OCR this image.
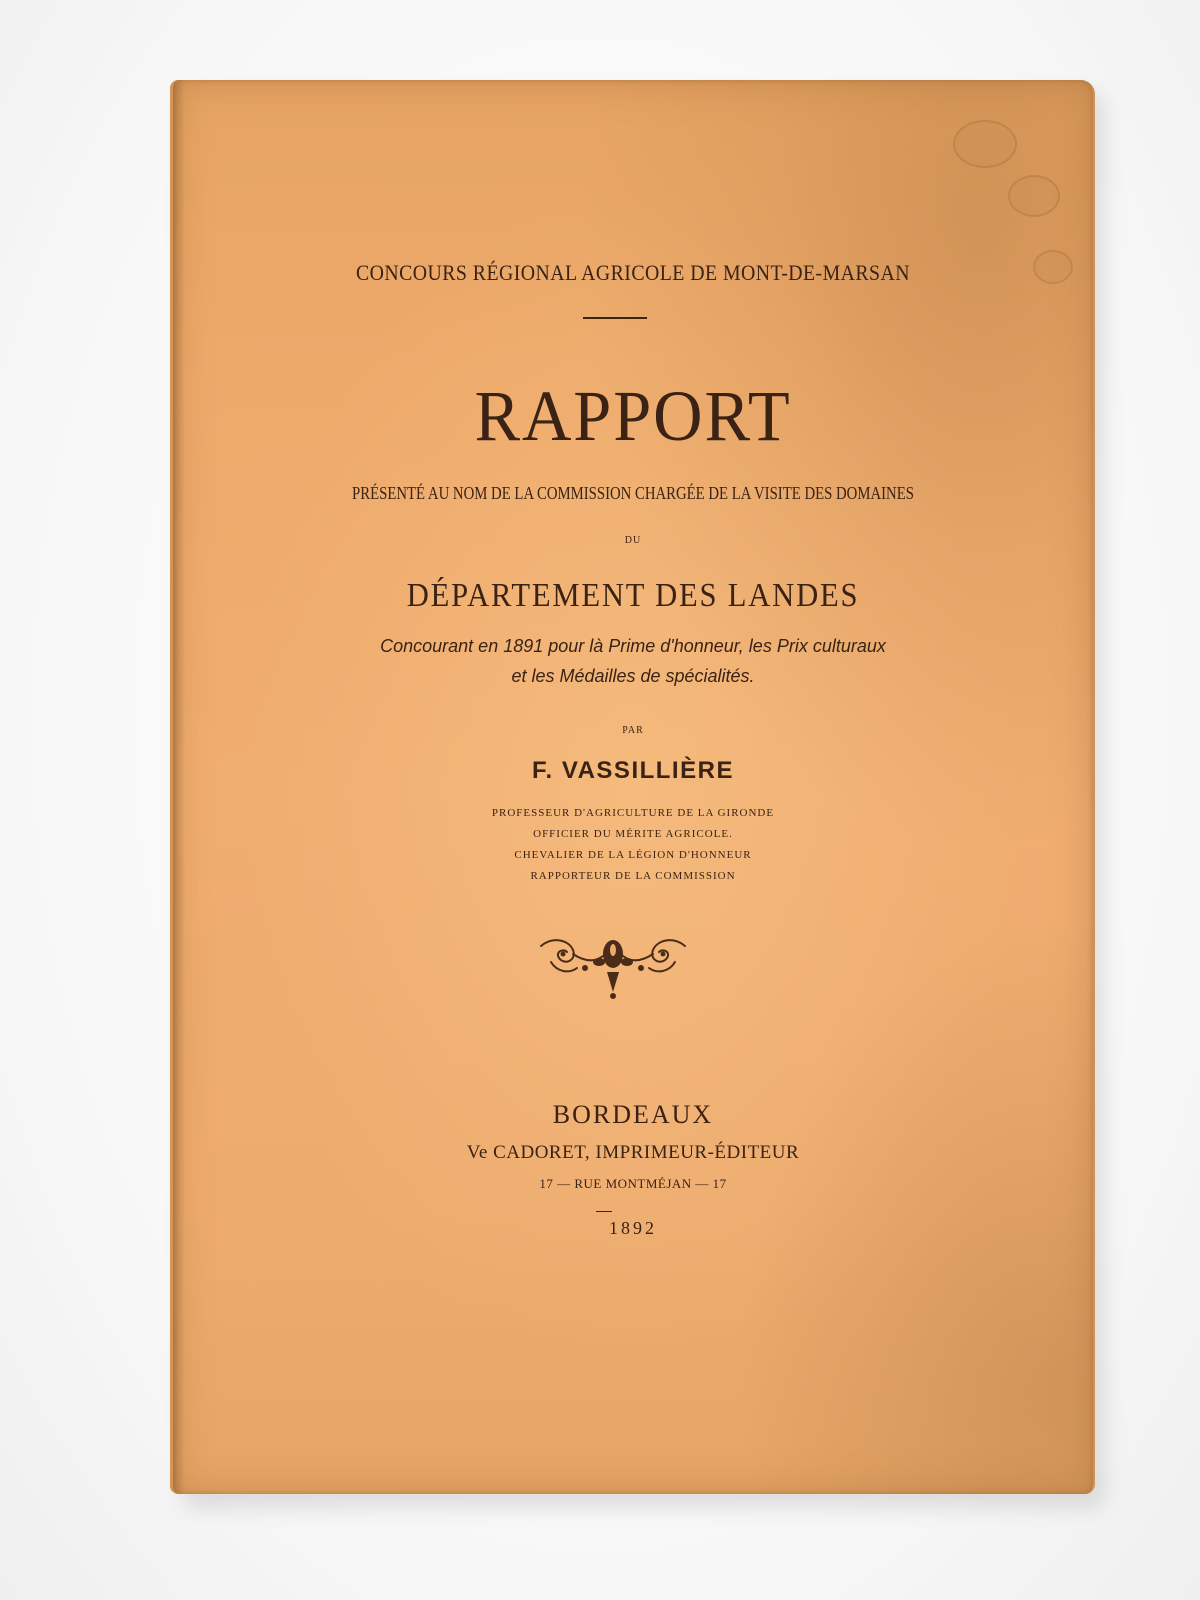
CONCOURS RÉGIONAL AGRICOLE DE MONT-DE-MARSAN
RAPPORT
PRÉSENTÉ AU NOM DE LA COMMISSION CHARGÉE DE LA VISITE DES DOMAINES
DU
DÉPARTEMENT DES LANDES
Concourant en 1891 pour là Prime d'honneur, les Prix culturaux
et les Médailles de spécialités.
PAR
F. VASSILLIÈRE
PROFESSEUR D'AGRICULTURE DE LA GIRONDE
OFFICIER DU MÉRITE AGRICOLE.
CHEVALIER DE LA LÉGION D'HONNEUR
RAPPORTEUR DE LA COMMISSION
BORDEAUX
Ve CADORET, IMPRIMEUR-ÉDITEUR
17 — RUE MONTMÉJAN — 17
1892
